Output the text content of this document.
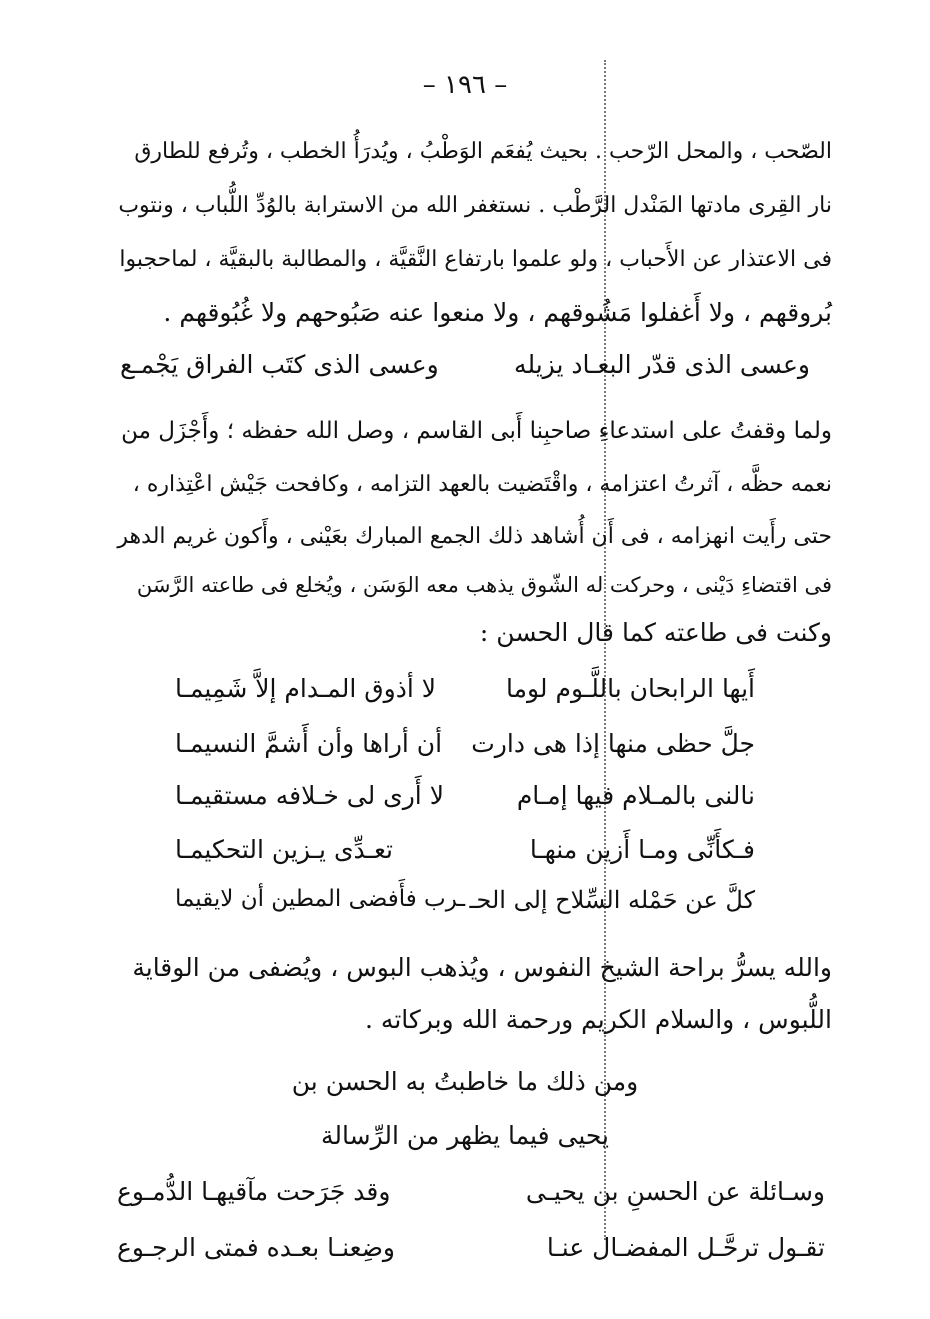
– ١٩٦ –
الصّحب ، والمحل الرّحب . بحيث يُفعَم الوَطْبُ ، ويُدرَأُ الخطب ، وتُرفع للطارق
نار القِرى مادتها المَنْدل الرَّطْب . نستغفر الله من الاسترابة بالوُدِّ اللُّباب ، ونتوب
فى الاعتذار عن الأَحباب ، ولو علموا بارتفاع النَّقيَّة ، والمطالبة بالبقيَّة ، لماحجبوا
بُروقهم ، ولا أَغفلوا مَشُوقهم ، ولا منعوا عنه صَبُوحهم ولا غُبُوقهم .
وعسى الذى قدّر البعـاد يزيله
وعسى الذى كتَب الفراق يَجْمـع
ولما وقفتُ على استدعاءِ صاحبِنا أَبى القاسم ، وصل الله حفظه ؛ وأَجْزَل من
نعمه حظَّه ، آثرتُ اعتزامه ، واقْتَضيت بالعهد التزامه ، وكافحت جَيْش اعْتِذاره ،
حتى رأَيت انهزامه ، فى أَن أُشاهد ذلك الجمع المبارك بعَيْنى ، وأَكون غريم الدهر
فى اقتضاءِ دَيْنى ، وحركت له الشّوق يذهب معه الوَسَن ، ويُخلع فى طاعته الرَّسَن
وكنت فى طاعته كما قال الحسن :
أَيها الرابحان باللَّـوم لوما
لا أذوق المـدام إلاَّ شَمِيمـا
جلَّ حظى منها إذا هى دارت
أن أراها وأن أَشمَّ النسيمـا
نالنى بالمـلام فيها إمـام
لا أَرى لى خـلافه مستقيمـا
فـكأَنِّى ومـا أَزين منهـا
تعـدِّى يـزين التحكيمـا
كلَّ عن حَمْله السِّلاح إلى الحـ
ـرب فأَفضى المطين أن لايقيما
والله يسرُّ براحة الشيخ النفوس ، ويُذهب البوس ، ويُضفى من الوقاية
اللُّبوس ، والسلام الكريم ورحمة الله وبركاته .
ومن ذلك ما خاطبتُ به الحسن بن
يحيى فيما يظهر من الرِّسالة
وسـائلة عن الحسنِ بن يحيـى
وقد جَرَحت مآقيهـا الدُّمـوع
تقـول ترحَّـل المفضـال عنـا
وضِعنـا بعـده فمتى الرجـوع
